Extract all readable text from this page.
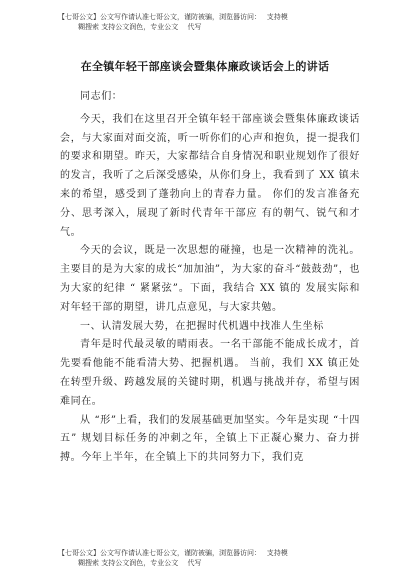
【七哥公文】公文写作请认准七哥公文，谨防被骗，浏览器访问：　 支持模
糊搜索 支持公文润色，专业公文　 代写
在全镇年轻干部座谈会暨集体廉政谈话会上的讲话

同志们：

今天，我们在这里召开全镇年轻干部座谈会暨集体廉政谈话会，与大家面对面交流，听一听你们的心声和抱负，提一提我们的要求和期望。昨天，大家都结合自身情况和职业规划作了很好的发言，我听了之后深受感染，从你们身上，我看到了 XX 镇未来的希望，感受到了蓬勃向上的青春力量。 你们的发言准备充分、思考深入，展现了新时代青年干部应 有的朝气、锐气和才气。

今天的会议，既是一次思想的碰撞，也是一次精神的洗礼。主要目的是为大家的成长“加加油”，为大家的奋斗“鼓鼓劲”，也为大家的纪律 “ 紧紧弦”。下面，我结合 XX 镇的 发展实际和对年轻干部的期望，讲几点意见，与大家共勉。

一、认清发展大势，在把握时代机遇中找准人生坐标

青年是时代最灵敏的晴雨表。一名干部能不能成长成才，首先要看他能不能看清大势、把握机遇。 当前，我们 XX 镇正处在转型升级、跨越发展的关键时期，机遇与挑战并存，希望与困难同在。

从 “形”上看，我们的发展基础更加坚实。今年是实现 “十四五” 规划目标任务的冲刺之年，全镇上下正凝心聚力、奋力拼搏。今年上半年，在全镇上下的共同努力下，我们克

【七哥公文】公文写作请认准七哥公文，谨防被骗，浏览器访问：　 支持模
糊搜索 支持公文润色，专业公文　 代写
